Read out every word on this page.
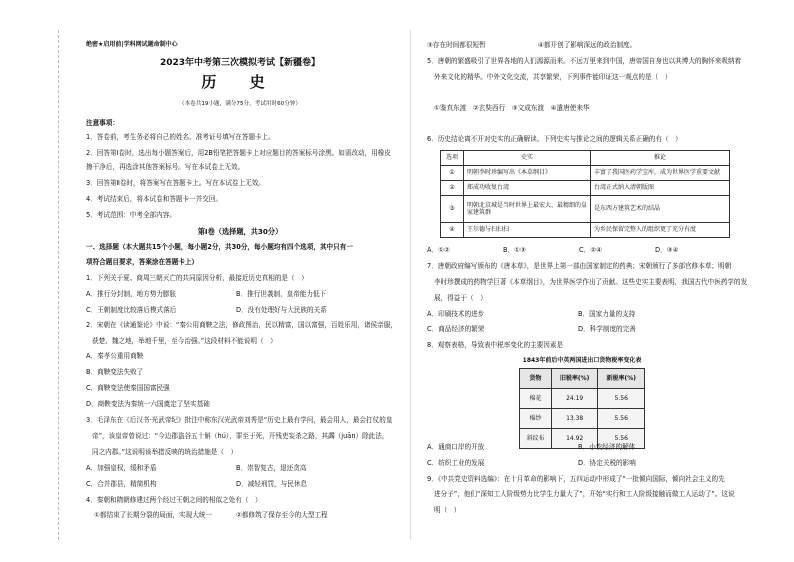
绝密★启用前|学科网试题命制中心
2023年中考第三次模拟考试【新疆卷】
历 史
（本卷共19小题，满分75分，考试用时60分钟）
注意事项：
1．答卷前，考生务必将自己的姓名、准考证号填写在答题卡上。
2．回答第Ⅰ卷时，选出每小题答案后，用2B铅笔把答题卡上对应题目的答案标号涂黑。如需改动，用橡皮
擦干净后，再选涂其他答案标号。写在本试卷上无效。
3．回答第Ⅱ卷时，将答案写在答题卡上。写在本试卷上无效。
4．考试结束后，将本试卷和答题卡一并交回。
5．考试范围：中考全部内容。
第Ⅰ卷（选择题，共30分）
一、选择题（本大题共15个小题，每小题2分，共30分，每小题均有四个选项，其中只有一
项符合题目要求，答案涂在答题卡上）
1．下列关于夏、商周三朝灭亡的共同原因分析，最接近历史真相的是（　）
A．推行分封制，地方势力膨胀	B．推行世袭制，皇帝能力低下
C．王朝制度比较落后模式落后	D．没有处理好与大民族的关系
2．宋朝在《读通鉴论》中说：“秦公用商鞅之法，修政图治，民以精富，国以富强，百姓乐用，诸侯亲服，
获楚、魏之地，举地千里，至今治强。”这段材料不能说明（　）
A．秦孝公重用商鞅
B．商鞅变法失败了
C．商鞅变法使秦国国富民强
D．商鞅变法为秦统一六国奠定了坚实基础
3．毛泽东在《后汉书·光武帝纪》批注中称东汉光武帝刘秀是“历史上最有学问，最会用人，最会打仗的皇
帝”，该皇帝曾说过：“今边郡盗谷五十斛（hú），罪至于死，开残吏妄杀之路，其蠲（juān）除此法，
同之内郡。”这说明该举措反映的统治措施是（　）
A．加强皇权，缓和矛盾	B．崇智复古，退还贪高
C．合并郡县，精简机构	D．减轻刑罚，与民休息
4．秦朝和隋朝修建过两个经过王朝之间的相似之处有（　）
①都结束了长期分裂的局面，实现大统一	②都修筑了保存至今的大型工程
③存在时间都很短暂	④都开创了影响深远的政治制度。
5．唐朝的繁盛吸引了世界各地的人们源源而来。不远万里来到中国，唐帝国自身也以其博大的胸怀来吸纳着
外来文化的精华。中外文化交流，共享繁荣，下列事件能印证这一观点的是（　）
①鉴真东渡　②玄奘西行　③文成东渡　④遣唐使来华
6．历史结论离不开对史实的正确解读。下列史实与推论之间的逻辑关系正确的有（　）
选项	史实	推论
①	明朝李时珍编写出《本草纲目》	丰富了我国医药学宝库，成为世界医学重要文献
②	郑成功收复台湾	台湾正式纳入清朝版图
③	明朝北京城是当时世界上最宏大、最精细的皇家建筑群	是东西方建筑艺术的结晶
④	王尔德与扫扫扫	为乡民保留完整人的组织更了充分有度
A．①②	B．①③	C．②④	D．③④
7．唐朝政府编写颁布的《唐本草》，是世界上第一部由国家制定的药典；宋朝颁行了多部官修本草；明朝
李时珍撰成的药物学巨著《本草纲目》，为世界医学作出了贡献。这些史实主要表明，我国古代中医药学的发
展，得益于（　）
A．印刷技术的进步	B．国家力量的支持
C．商品经济的繁荣	D．科学制度的完善
8．观察表格，导致表中税率变化的主要因素是
1843年前后中英两国进出口货物税率变化表
货物	旧税率(%)	新税率(%)
棉花	24.19	5.56
棉纱	13.38	5.56
斜纹布	14.92	5.56
A．通商口岸的开放	B．小农经济的解体
C．纺织工业的发展	D．协定关税的影响
9．《中共党史资料选编》：在十月革命的影响下，五四运动中形成了“一批倾向国际，倾向社会主义的先
进分子”，他们“深知工人阶级势力比学生力量大了”，开始“实行和工人阶级接触而做工人运动了”。这说
明（　）
